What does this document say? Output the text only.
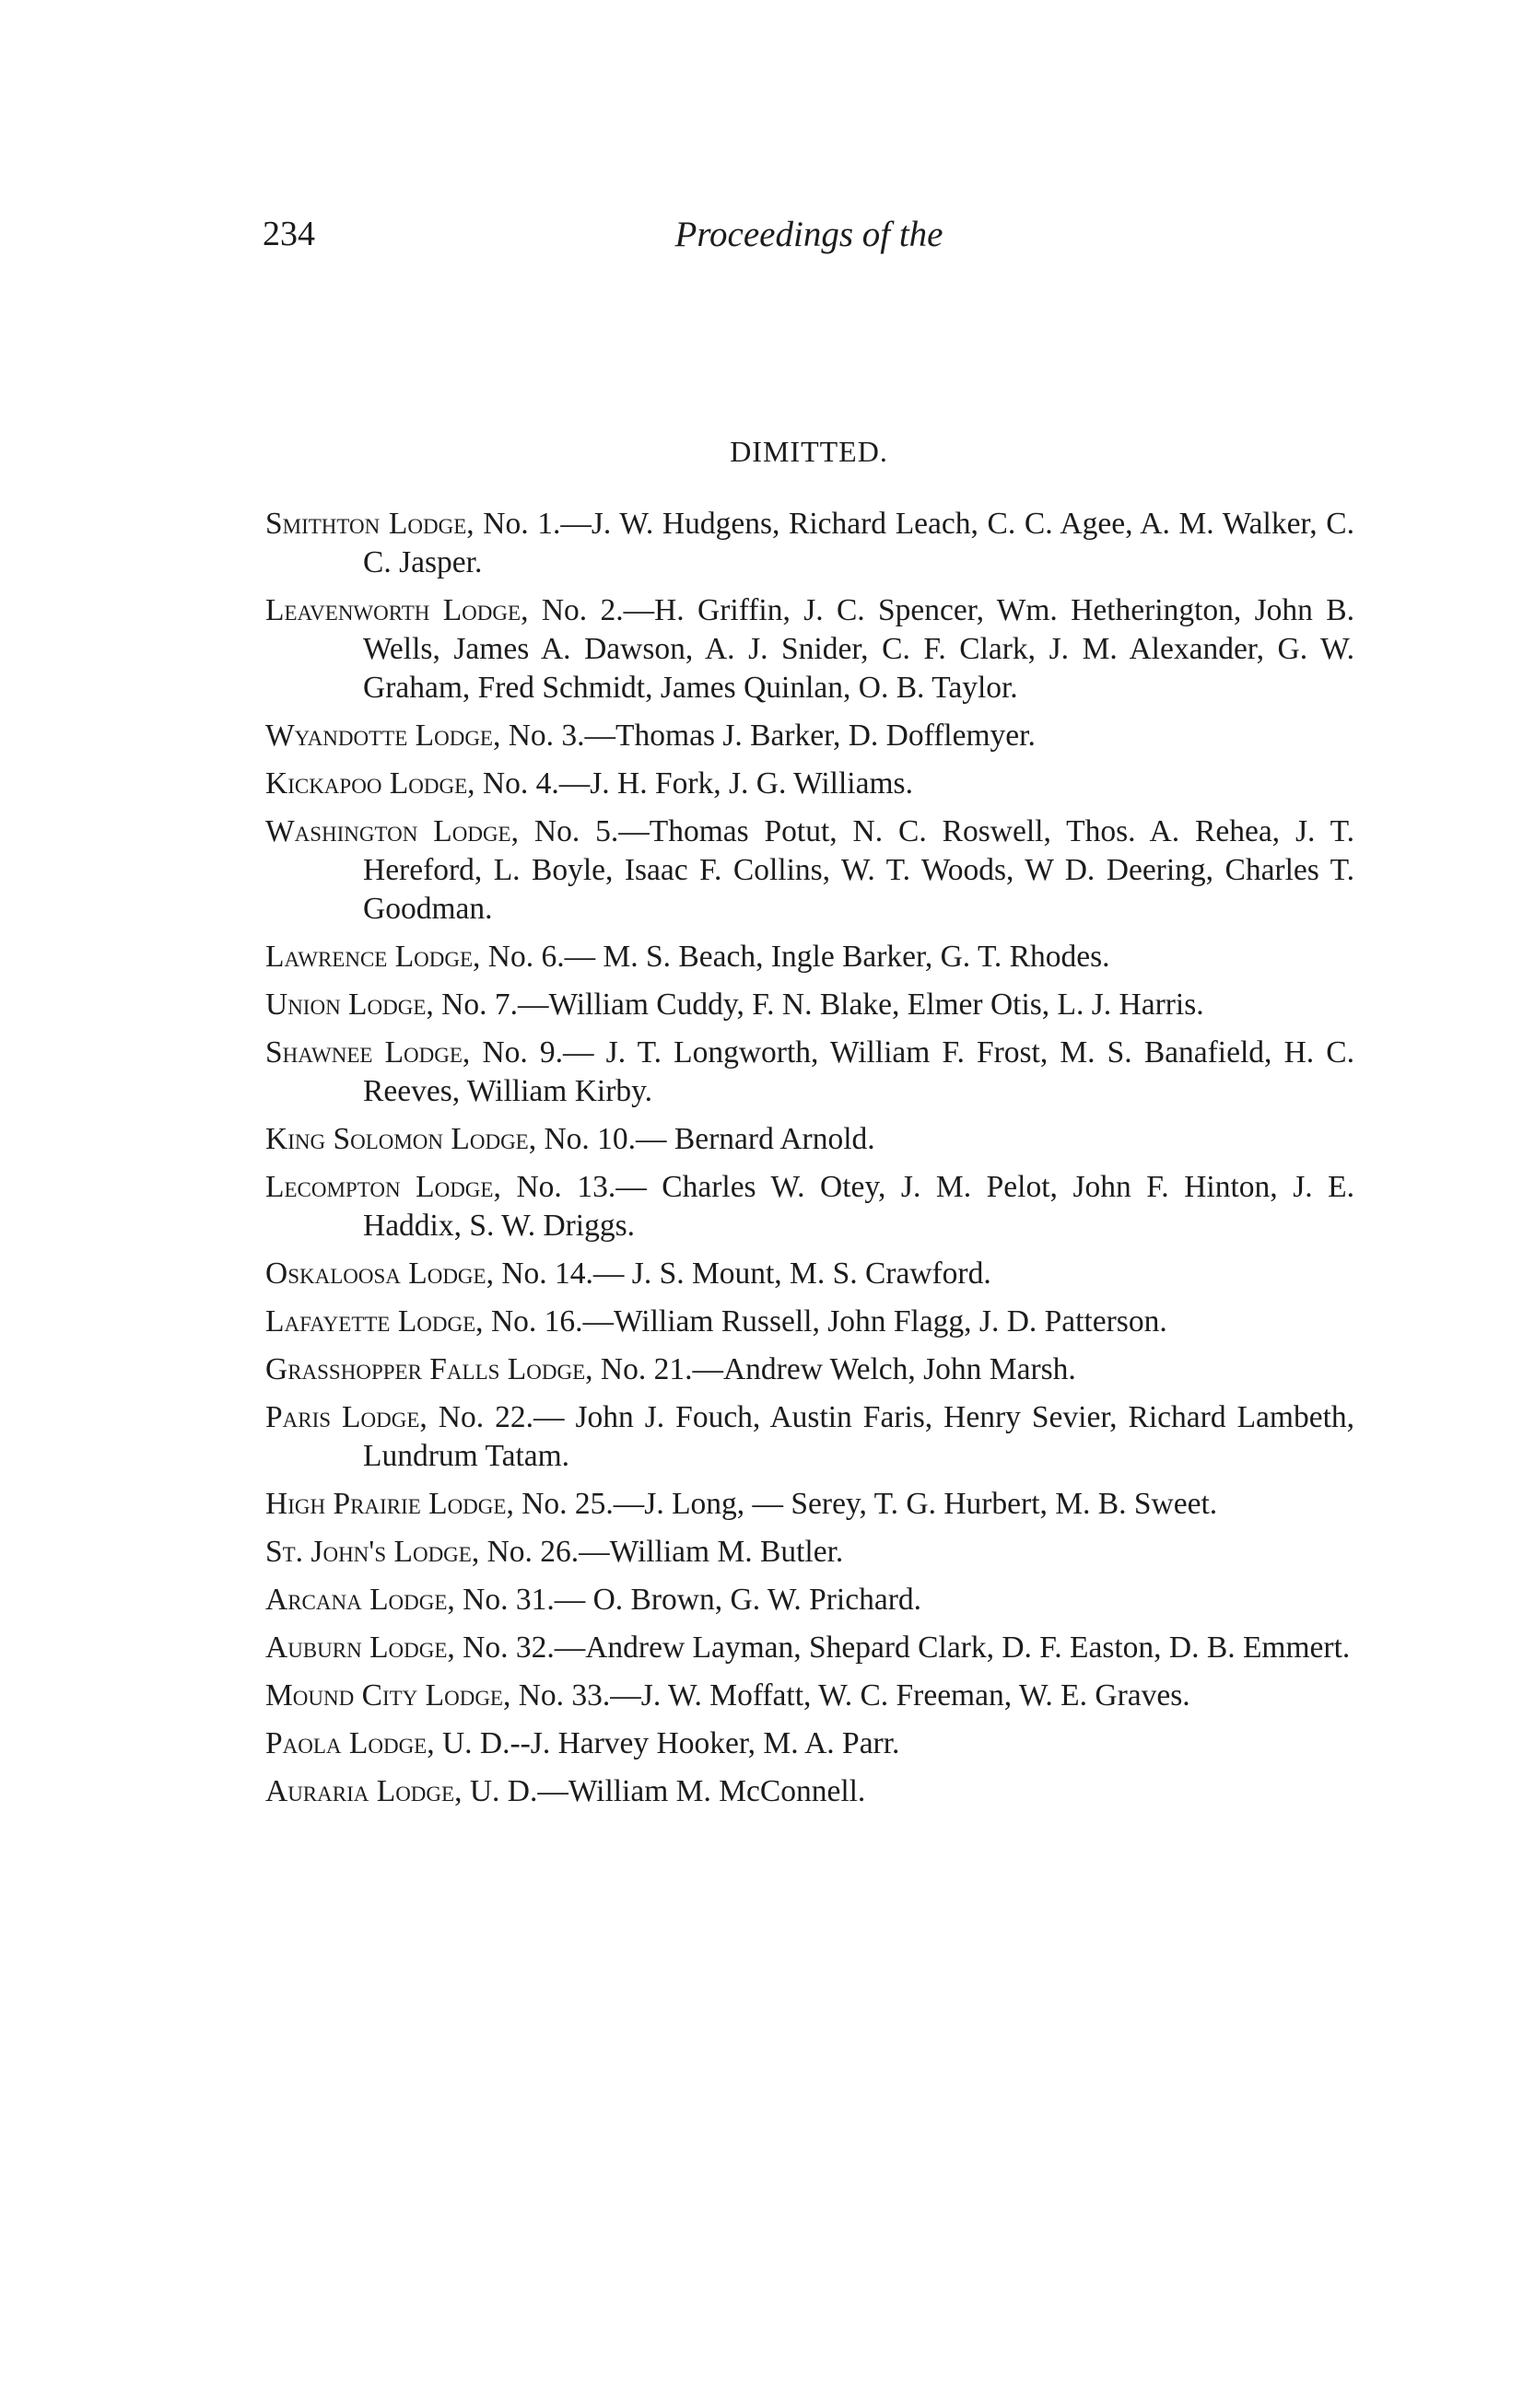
234	Proceedings of the
DIMITTED.
Smithton Lodge, No. 1.—J. W. Hudgens, Richard Leach, C. C. Agee, A. M. Walker, C. C. Jasper.
Leavenworth Lodge, No. 2.—H. Griffin, J. C. Spencer, Wm. Hetherington, John B. Wells, James A. Dawson, A. J. Snider, C. F. Clark, J. M. Alexander, G. W. Graham, Fred Schmidt, James Quinlan, O. B. Taylor.
Wyandotte Lodge, No. 3.—Thomas J. Barker, D. Dofflemyer.
Kickapoo Lodge, No. 4.—J. H. Fork, J. G. Williams.
Washington Lodge, No. 5.—Thomas Potut, N. C. Roswell, Thos. A. Rehea, J. T. Hereford, L. Boyle, Isaac F. Collins, W. T. Woods, W D. Deering, Charles T. Goodman.
Lawrence Lodge, No. 6.— M. S. Beach, Ingle Barker, G. T. Rhodes.
Union Lodge, No. 7.—William Cuddy, F. N. Blake, Elmer Otis, L. J. Harris.
Shawnee Lodge, No. 9.— J. T. Longworth, William F. Frost, M. S. Banafield, H. C. Reeves, William Kirby.
King Solomon Lodge, No. 10.— Bernard Arnold.
Lecompton Lodge, No. 13.— Charles W. Otey, J. M. Pelot, John F. Hinton, J. E. Haddix, S. W. Driggs.
Oskaloosa Lodge, No. 14.— J. S. Mount, M. S. Crawford.
Lafayette Lodge, No. 16.—William Russell, John Flagg, J. D. Patterson.
Grasshopper Falls Lodge, No. 21.—Andrew Welch, John Marsh.
Paris Lodge, No. 22.— John J. Fouch, Austin Faris, Henry Sevier, Richard Lambeth, Lundrum Tatam.
High Prairie Lodge, No. 25.—J. Long, — Serey, T. G. Hurbert, M. B. Sweet.
St. John's Lodge, No. 26.—William M. Butler.
Arcana Lodge, No. 31.— O. Brown, G. W. Prichard.
Auburn Lodge, No. 32.—Andrew Layman, Shepard Clark, D. F. Easton, D. B. Emmert.
Mound City Lodge, No. 33.—J. W. Moffatt, W. C. Freeman, W. E. Graves.
Paola Lodge, U. D.--J. Harvey Hooker, M. A. Parr.
Auraria Lodge, U. D.—William M. McConnell.
